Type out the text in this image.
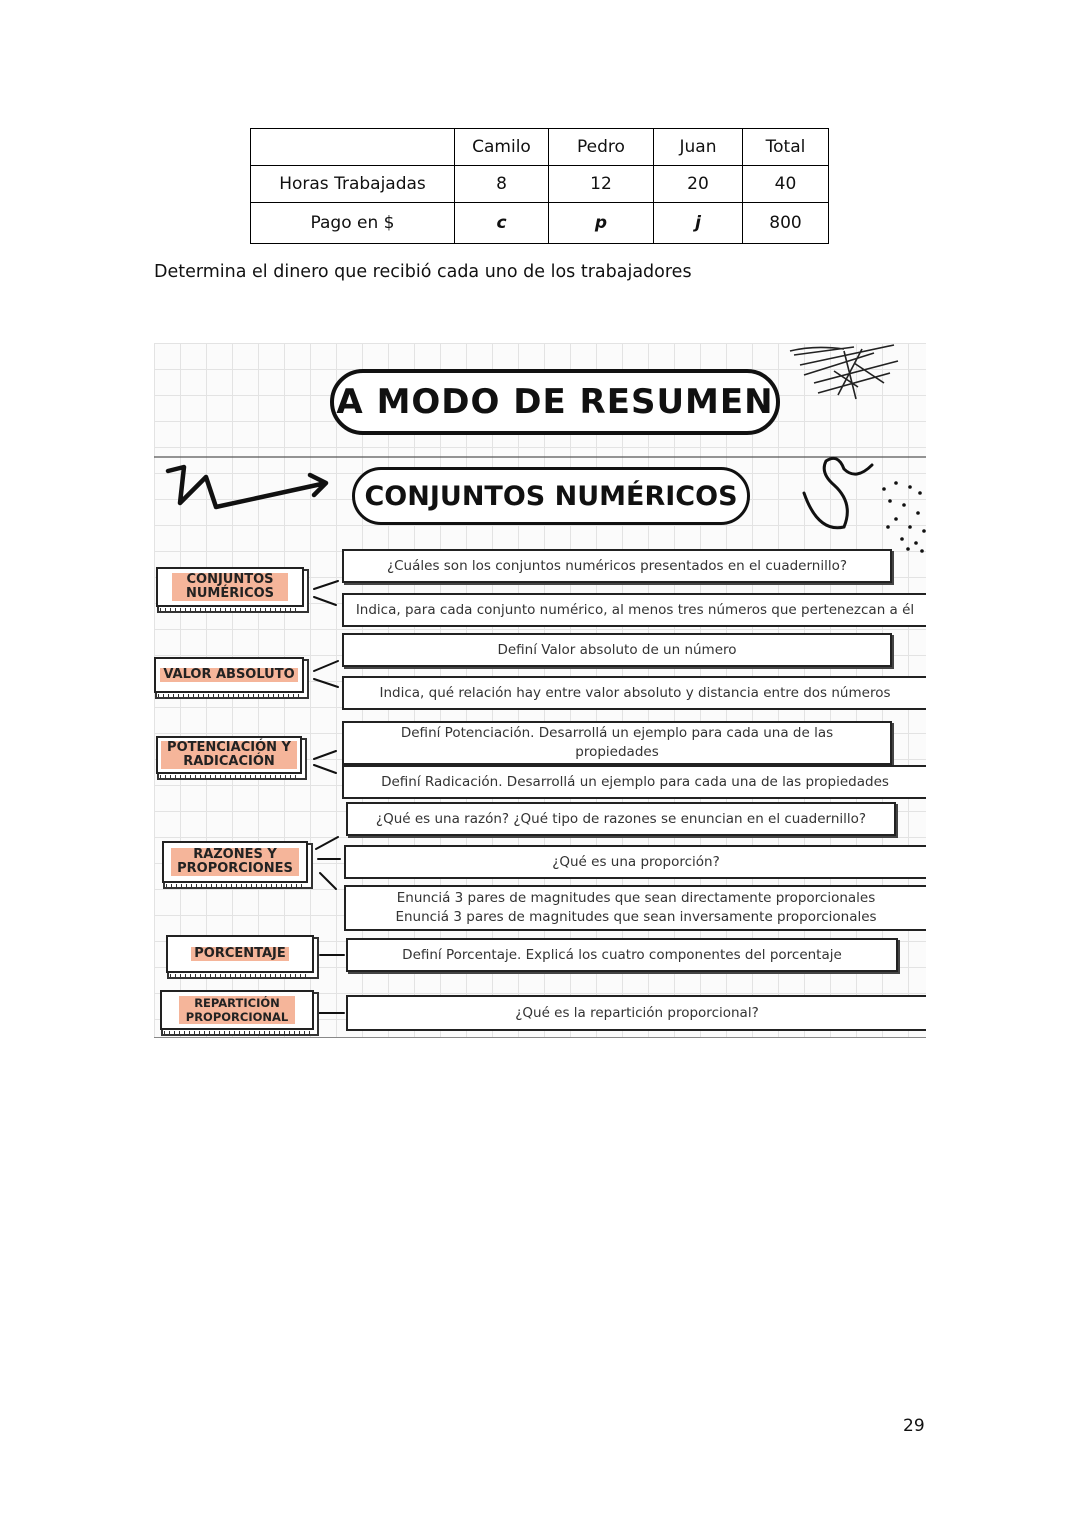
	Camilo	Pedro	Juan	Total
Horas Trabajadas	8	12	20	40
Pago en $	c	p	j	800
Determina el dinero que recibió cada uno de los trabajadores
A MODO DE RESUMEN
CONJUNTOS NUMÉRICOS
CONJUNTOS NUMÉRICOS
VALOR ABSOLUTO
POTENCIACIÓN Y RADICACIÓN
RAZONES Y PROPORCIONES
PORCENTAJE
REPARTICIÓN PROPORCIONAL
¿Cuáles son los conjuntos numéricos presentados en el cuadernillo?
Indica, para cada conjunto numérico, al menos tres números que pertenezcan a él
Definí Valor absoluto de un número
Indica, qué relación hay entre valor absoluto y distancia entre dos números
Definí Potenciación. Desarrollá un ejemplo para cada una de las propiedades
Definí Radicación. Desarrollá un ejemplo para cada una de las propiedades
¿Qué es una razón? ¿Qué tipo de razones se enuncian en el cuadernillo?
¿Qué es una proporción?
Enunciá 3 pares de magnitudes que sean directamente proporcionales
Enunciá 3 pares de magnitudes que sean inversamente proporcionales
Definí Porcentaje. Explicá los cuatro componentes del porcentaje
¿Qué es la repartición proporcional?
29
